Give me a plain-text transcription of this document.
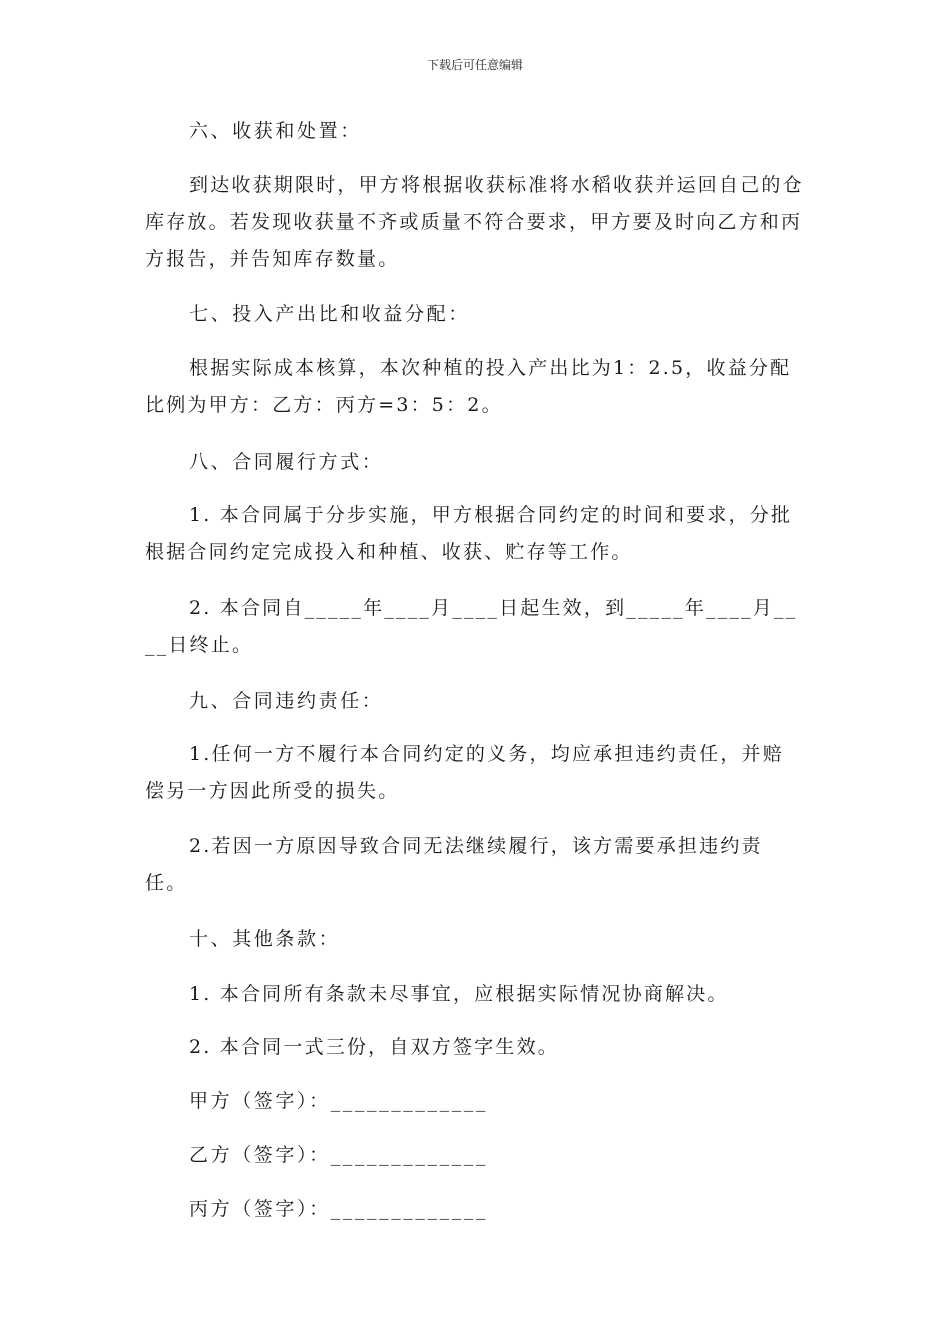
下载后可任意编辑
六、收获和处置：
到达收获期限时，甲方将根据收获标准将水稻收获并运回自己的仓库存放。若发现收获量不齐或质量不符合要求，甲方要及时向乙方和丙方报告，并告知库存数量。
七、投入产出比和收益分配：
根据实际成本核算，本次种植的投入产出比为1：2.5，收益分配比例为甲方：乙方：丙方=3：5：2。
八、合同履行方式：
1. 本合同属于分步实施，甲方根据合同约定的时间和要求，分批根据合同约定完成投入和种植、收获、贮存等工作。
2. 本合同自_____年____月____日起生效，到_____年____月____日终止。
九、合同违约责任：
1.任何一方不履行本合同约定的义务，均应承担违约责任，并赔偿另一方因此所受的损失。
2.若因一方原因导致合同无法继续履行，该方需要承担违约责任。
十、其他条款：
1. 本合同所有条款未尽事宜，应根据实际情况协商解决。
2. 本合同一式三份，自双方签字生效。
甲方（签字）：_____________
乙方（签字）：_____________
丙方（签字）：_____________
